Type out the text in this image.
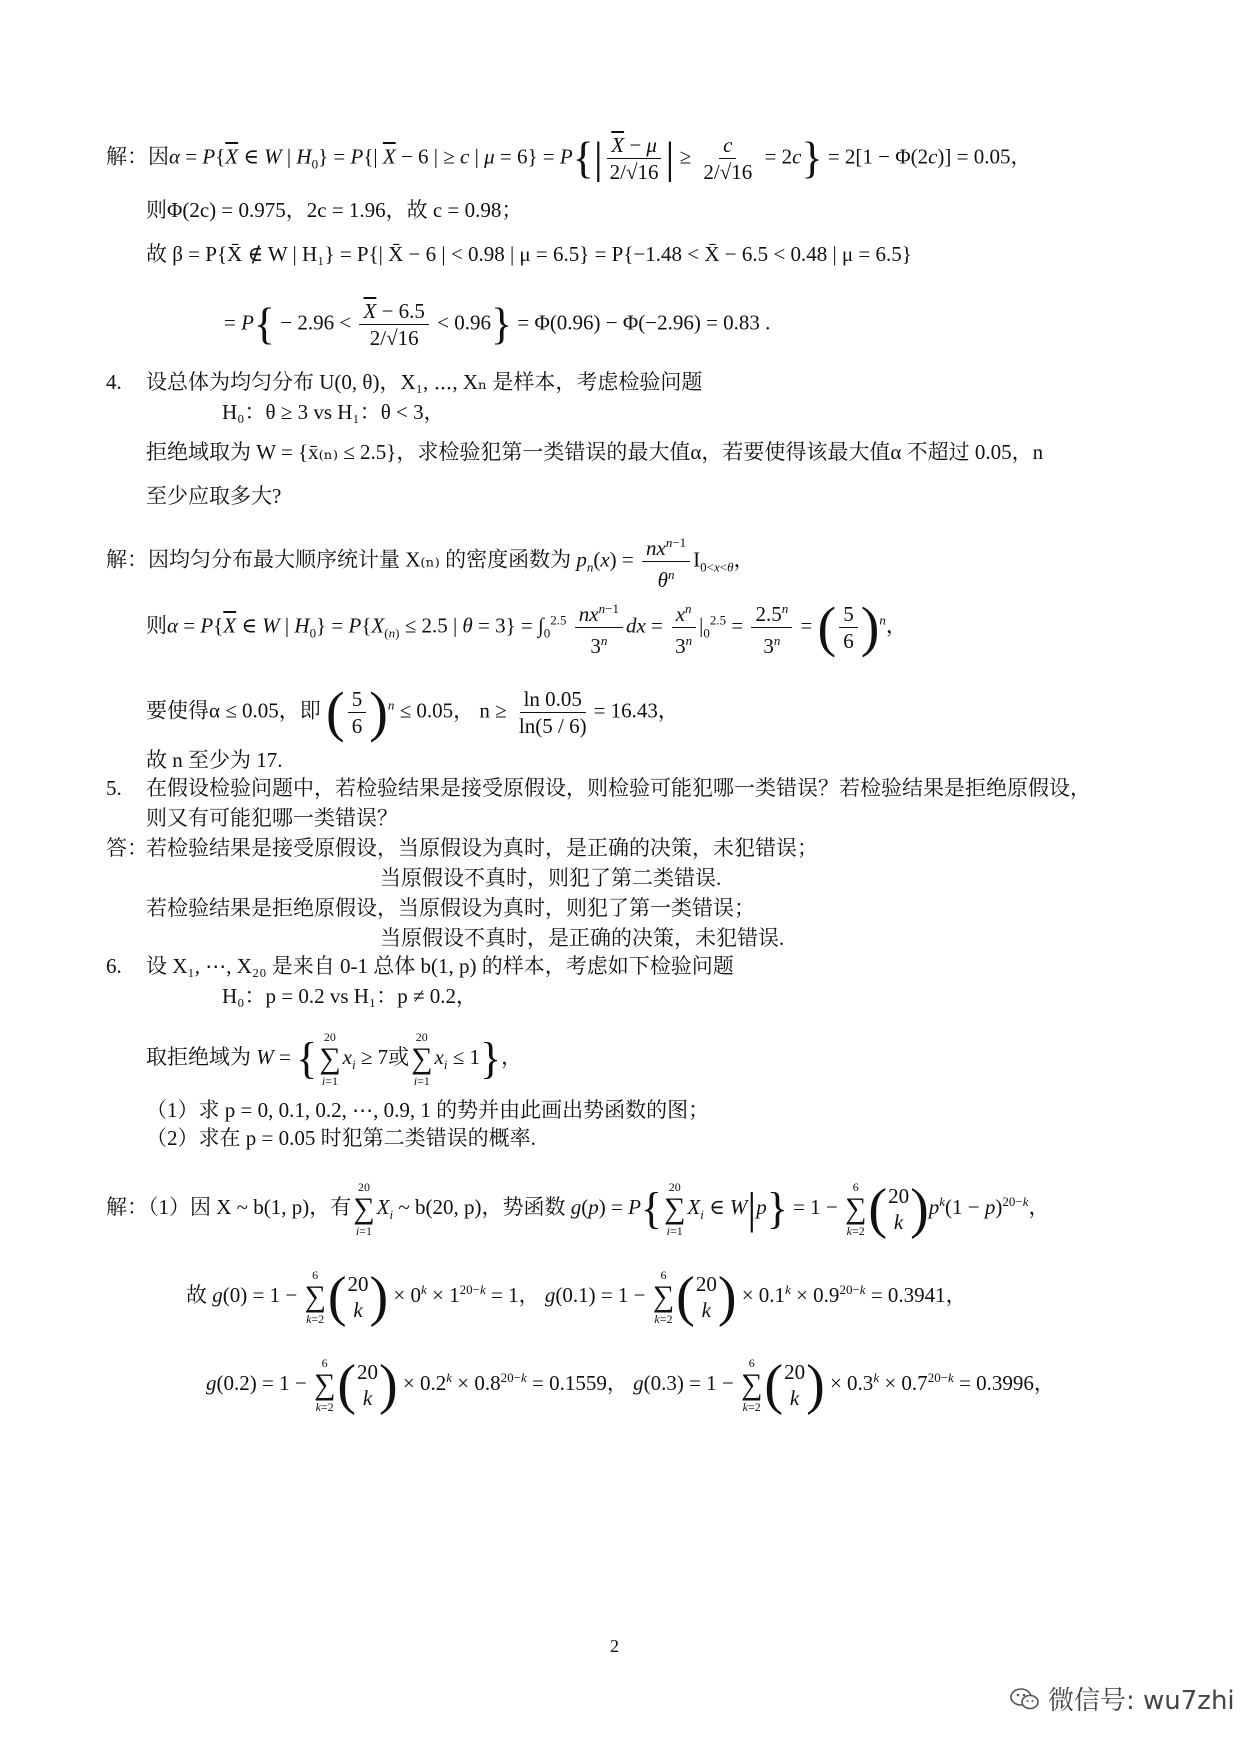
解：因$\alpha = P\{\overline{X}$ ∈ W | $H_0\} = P\{|$ $\overline{X} - 6$ | ≥ c | $\mu = 6\} = P\{| \frac{\overline{X} - \mu}{2/√16}$ | ≥ $\frac{c}{2/√16} = 2c\} = 2[1 - \Phi(2c)] = 0.05$，
则Φ(2c) = 0.975，2c = 1.96，故 c = 0.98；
故 β = P{X̄ ∉ W | H₁} = P{| X̄ − 6 | < 0.98 | μ = 6.5} = P{−1.48 < X̄ − 6.5 < 0.48 | μ = 6.5}
= $P\{ - 2.96 < \frac{\overline{X} - 6.5}{2/√16} < 0.96\} = \Phi(0.96) - \Phi(-2.96) = 0.83$ .
4. 设总体为均匀分布 U(0, θ)，X₁, ⋯, Xₙ 是样本，考虑检验问题
H₀：θ ≥ 3 vs H₁：θ < 3，
拒绝域取为 W = {x̄₍ₙ₎ ≤ 2.5}，求检验犯第一类错误的最大值α，若要使得该最大值α 不超过 0.05，n
至少应取多大?
解：因均匀分布最大顺序统计量 X₍ₙ₎ 的密度函数为 $p_n(x) = \frac{nx^{n-1}}{\theta^n} I_{0<x<\theta}$，
则$\alpha = P\{\overline{X}$ ∈ W | $H_0\} = P\{X_{(n)} \le 2.5$ | $\theta = 3\} = \int_0^{2.5} \frac{nx^{n-1}}{3^n}$ dx = $\frac{x^n}{3^n} |_0^{2.5} = \frac{2.5^n}{3^n}$ = ( $\frac{5}{6} )^n$，
要使得α ≤ 0.05，即 ( $\frac{5}{6} )^n \le 0.05$， $n \ge \frac{\ln 0.05}{\ln(5 / 6)} = 16.43$，
故 n 至少为 17.
5. 在假设检验问题中，若检验结果是接受原假设，则检验可能犯哪一类错误？若检验结果是拒绝原假设，
则又有可能犯哪一类错误？
答：
若检验结果是接受原假设，当原假设为真时，是正确的决策，未犯错误；
当原假设不真时，则犯了第二类错误.
若检验结果是拒绝原假设，当原假设为真时，则犯了第一类错误；
当原假设不真时，是正确的决策，未犯错误.
6. 设 X₁, ⋯, X₂₀ 是来自 0-1 总体 b(1, p) 的样本，考虑如下检验问题
H₀：p = 0.2 vs H₁：p ≠ 0.2，
取拒绝域为 W = { 20
∑
i=1
$x_i \ge 7$或
20
∑
i=1
$x_i \le 1$}，
（1）求 p = 0, 0.1, 0.2, ⋯, 0.9, 1 的势并由此画出势函数的图；
（2）求在 p = 0.05 时犯第二类错误的概率.
解：（1）因 X ~ b(1, p)，有
20
∑
i=1
$X_i$ ~ b(20, p)，势函数 g(p) = P{ 20
∑
i=1
$X_i$ ∈ W|p} = 1 −
6
∑
k=2 ( 20
k )$p^k(1 - p)^{20-k}$，
故 g(0) = 1 −
6
∑
k=2 ( 20
k ) × $0^k \times 1^{20-k} = 1$， g(0.1) = 1 −
6
∑
k=2 ( 20
k ) × $0.1^k \times 0.9^{20-k} = 0.3941$，
g(0.2) = 1 −
6
∑
k=2 ( 20
k ) × $0.2^k \times 0.8^{20-k} = 0.1559$， g(0.3) = 1 −
6
∑
k=2 ( 20
k ) × $0.3^k \times 0.7^{20-k} = 0.3996$，
2
微信号: wu7zhi
